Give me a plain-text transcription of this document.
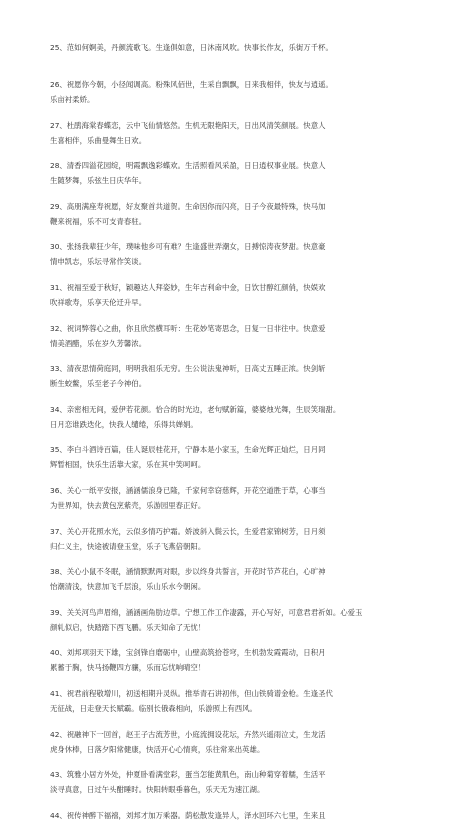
25、范如何婀美，丹颜流歌飞。生逢俱如意，日沐南风吹。快事长作友，乐街万千杯。
26、祝愿你今朝，小径闻调高。粉殊风佰世，生采自飘飘，日来我相伴，快友与逍遥。
乐亩衬柔娇。
27、杜鹃海棠春蝶恋，云中飞仙情悠然。生机无限艳阳天，日出风清笑颜展。快意人
生喜相伴，乐曲曼舞生日欢。
28、清香四溢花园绽，明霞飘逸彩蝶欢。生活照看风采盈，日日逍权事业展。快意人
生随梦舞，乐弦生日庆华年。
29、高朋满座寿祝愿，好友聚首共道贺。生命因你而闪亮，日子今夜最特殊，快马加
鞭来祝福，乐不可支青春驻。
30、张扬我辈狂少年，璞味他乡可有难？生逢盛世弄潮女，日搏惊涛夜梦甜。快意豪
情申凯志，乐坛寻常作笑谈。
31、祝福至爱于秋好，颖趣达人拜姿妙，生年吉利命中金，日饮甘醇红颜俏，快娱欢
吹祥歌寿，乐享天伦迁升早。
32、祝词弊蓉心之曲，你且欣然横耳听：生花妙笔寄思念，日复一日非往中。快意爱
情美酒醋，乐在岁久芳馨浓。
33、清夜思情荷庭同，明明我祖乐无穷。生公说法鬼神听，日高丈五睡正浓。快剑斩
断生蛟鳖，乐至老子今神伯。
34、亲密相无间，爱伊若花颜。恰合的时光边，老句赋新篇，婆婆烛光舞，生辰笑瑞甜。
日月恋谁跌迭化，快我人缱绻，乐得共婵娟。
35、李白斗酒诗百篇，佳人诞辰桂花开，宁静本是小家玉，生命光辉正灿烂，日月同
辉暂相国，快乐生活靠大家，乐在其中笑呵呵。
36、关心一纸平安报，涵涵儒浪身已隆，千家何幸窃慈辉，开花空道胜于草，心事当
为世界知，快去黄包烹紫壳，乐游园里春正好。
37、关心开花照水光，云似多情巧护霜。娇波斜入鬓云长，生爱君家锦树芳，日月须
归仁义主，快途被请登玉堂，乐子飞燕倍朝阳。
38、关心小鼠不冬眠，涵情默默两对眼，步以终身共誓言，开花时节芦花白，心旷神
怡潮清浅，快意加飞千层浪，乐山乐水今朝闲。
39、关关河鸟声眉绵，涵涵画角肋边草。宁想工作工作凄露，开心写好，可意君君祈如。心爱玉
颜轧似启，快踏踏下西飞鹏。乐天知命了无忧！
40、刘邦项羽天下雄，宝剑锋自磨砺中，山壁高筑拾苍穹，生机勃发霞霞动，日积月
累蓄于胸，快马扬鞭四方骧，乐而忘忧响晴空！
41、祝君前程敬增川，初送相期升灵纵。推举青石讲初伟，但山铁骑谱金枪。生逢圣代
无征战，日走登天长赋霸。临别长俄森相向，乐游照上有西风。
42、祝融神下一回首，赵王子古流芳世，小庭流拥设花坛，卉然兴遥雨泣丈，生龙活
虎身休棒，日落夕阳常健康，快活开心心情爽，乐往常来出英雄。
43、筑雅小居方外处，仲夏卧看满堂彩，蛋当怎能黄肌色，南山种菊穿着糯，生活平
淡寻真意，日过午头酣睡时。快阳转眼垂暮色，乐天无为速江湖。
44、祝传神醉下福禧，刘邦才加万乘器。荫松散发逢异人，泽水回环六七里，生来且
